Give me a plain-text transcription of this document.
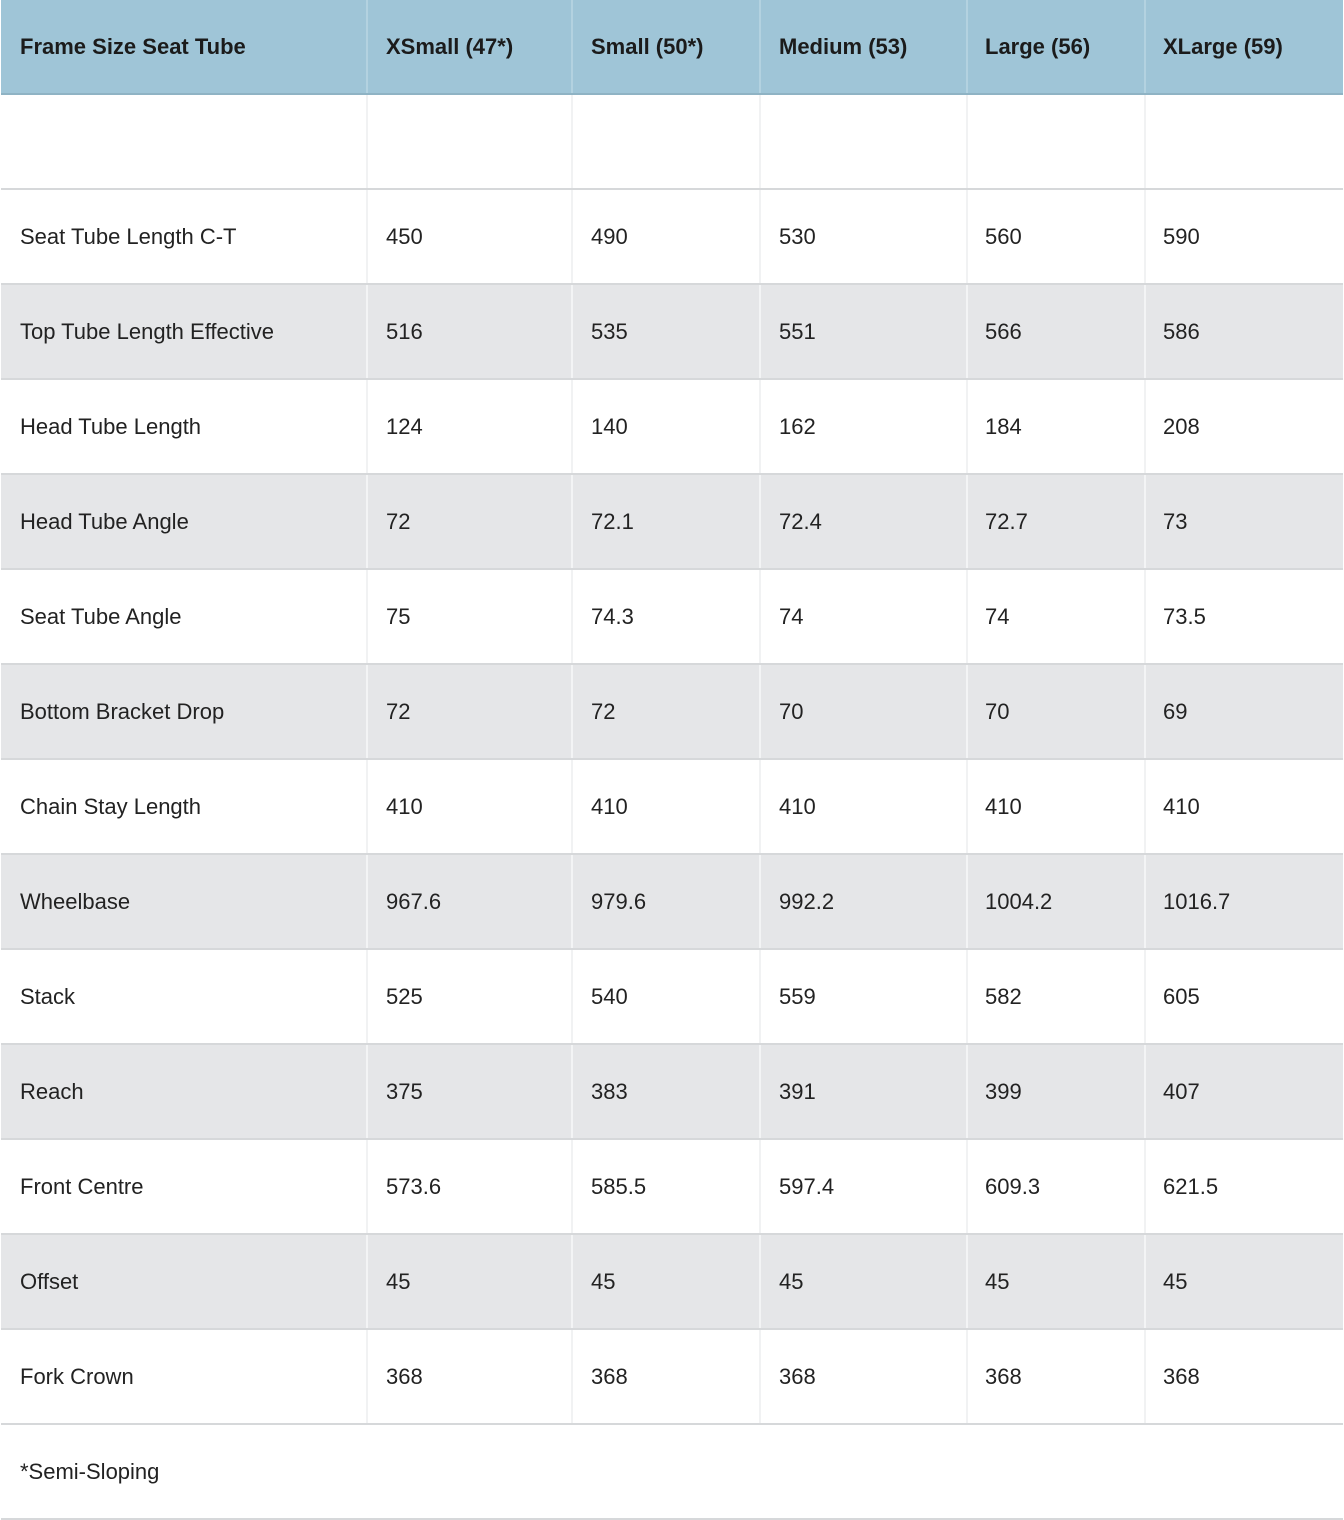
Frame Size Seat Tube	XSmall (47*)	Small (50*)	Medium (53)	Large (56)	XLarge (59)
Seat Tube Length C-T	450	490	530	560	590
Top Tube Length Effective	516	535	551	566	586
Head Tube Length	124	140	162	184	208
Head Tube Angle	72	72.1	72.4	72.7	73
Seat Tube Angle	75	74.3	74	74	73.5
Bottom Bracket Drop	72	72	70	70	69
Chain Stay Length	410	410	410	410	410
Wheelbase	967.6	979.6	992.2	1004.2	1016.7
Stack	525	540	559	582	605
Reach	375	383	391	399	407
Front Centre	573.6	585.5	597.4	609.3	621.5
Offset	45	45	45	45	45
Fork Crown	368	368	368	368	368
*Semi-Sloping
